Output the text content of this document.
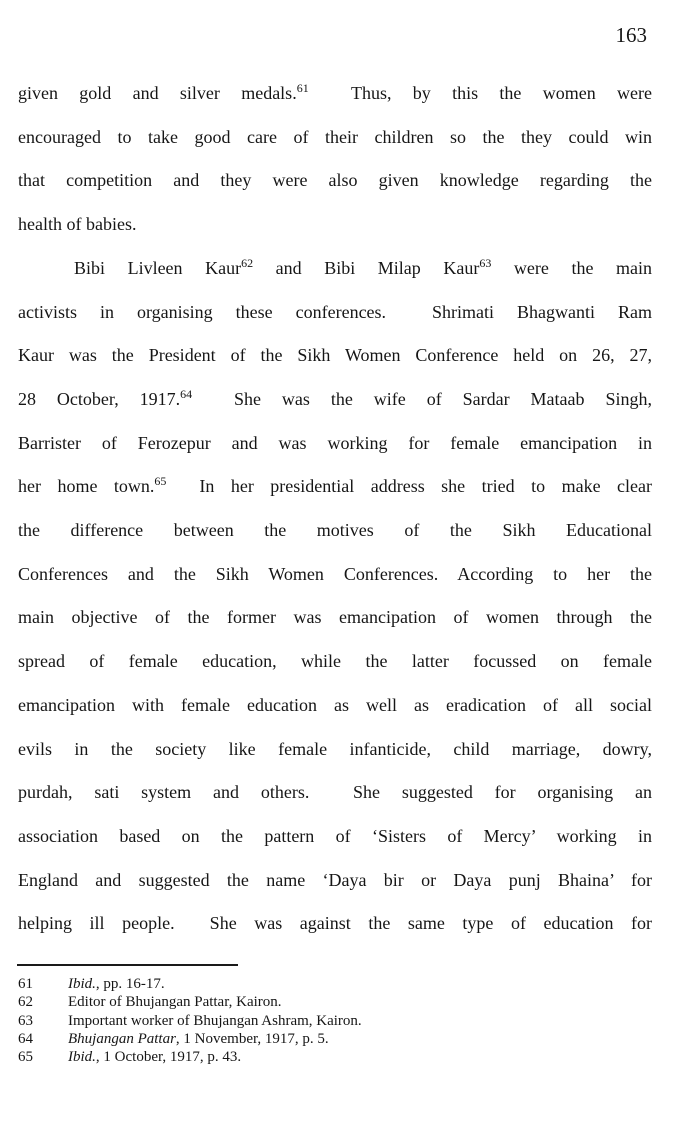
163
given gold and silver medals.$^{61}$  Thus, by this the women were
encouraged to take good care of their children so the they could win
that competition and they were also given knowledge regarding the
health of babies.
Bibi Livleen Kaur$^{62}$ and Bibi Milap Kaur$^{63}$ were the main
activists in organising these conferences.  Shrimati Bhagwanti Ram
Kaur was the President of the Sikh Women Conference held on 26, 27,
28 October, 1917.64  She was the wife of Sardar Mataab Singh,
Barrister of Ferozepur and was working for female emancipation in
her home town.$^{65}$  In her presidential address she tried to make clear
the difference between the motives of the Sikh Educational
Conferences and the Sikh Women Conferences. According to her the
main objective of the former was emancipation of women through the
spread of female education, while the latter focussed on female
emancipation with female education as well as eradication of all social
evils in the society like female infanticide, child marriage, dowry,
purdah, sati system and others.  She suggested for organising an
association based on the pattern of ‘Sisters of Mercy’ working in
England and suggested the name ‘Daya bir or Daya punj Bhaina’ for
helping ill people.  She was against the same type of education for
61	Ibid., pp. 16-17.
62	Editor of Bhujangan Pattar, Kairon.
63	Important worker of Bhujangan Ashram, Kairon.
64	Bhujangan Pattar, 1 November, 1917, p. 5.
65	Ibid., 1 October, 1917, p. 43.
